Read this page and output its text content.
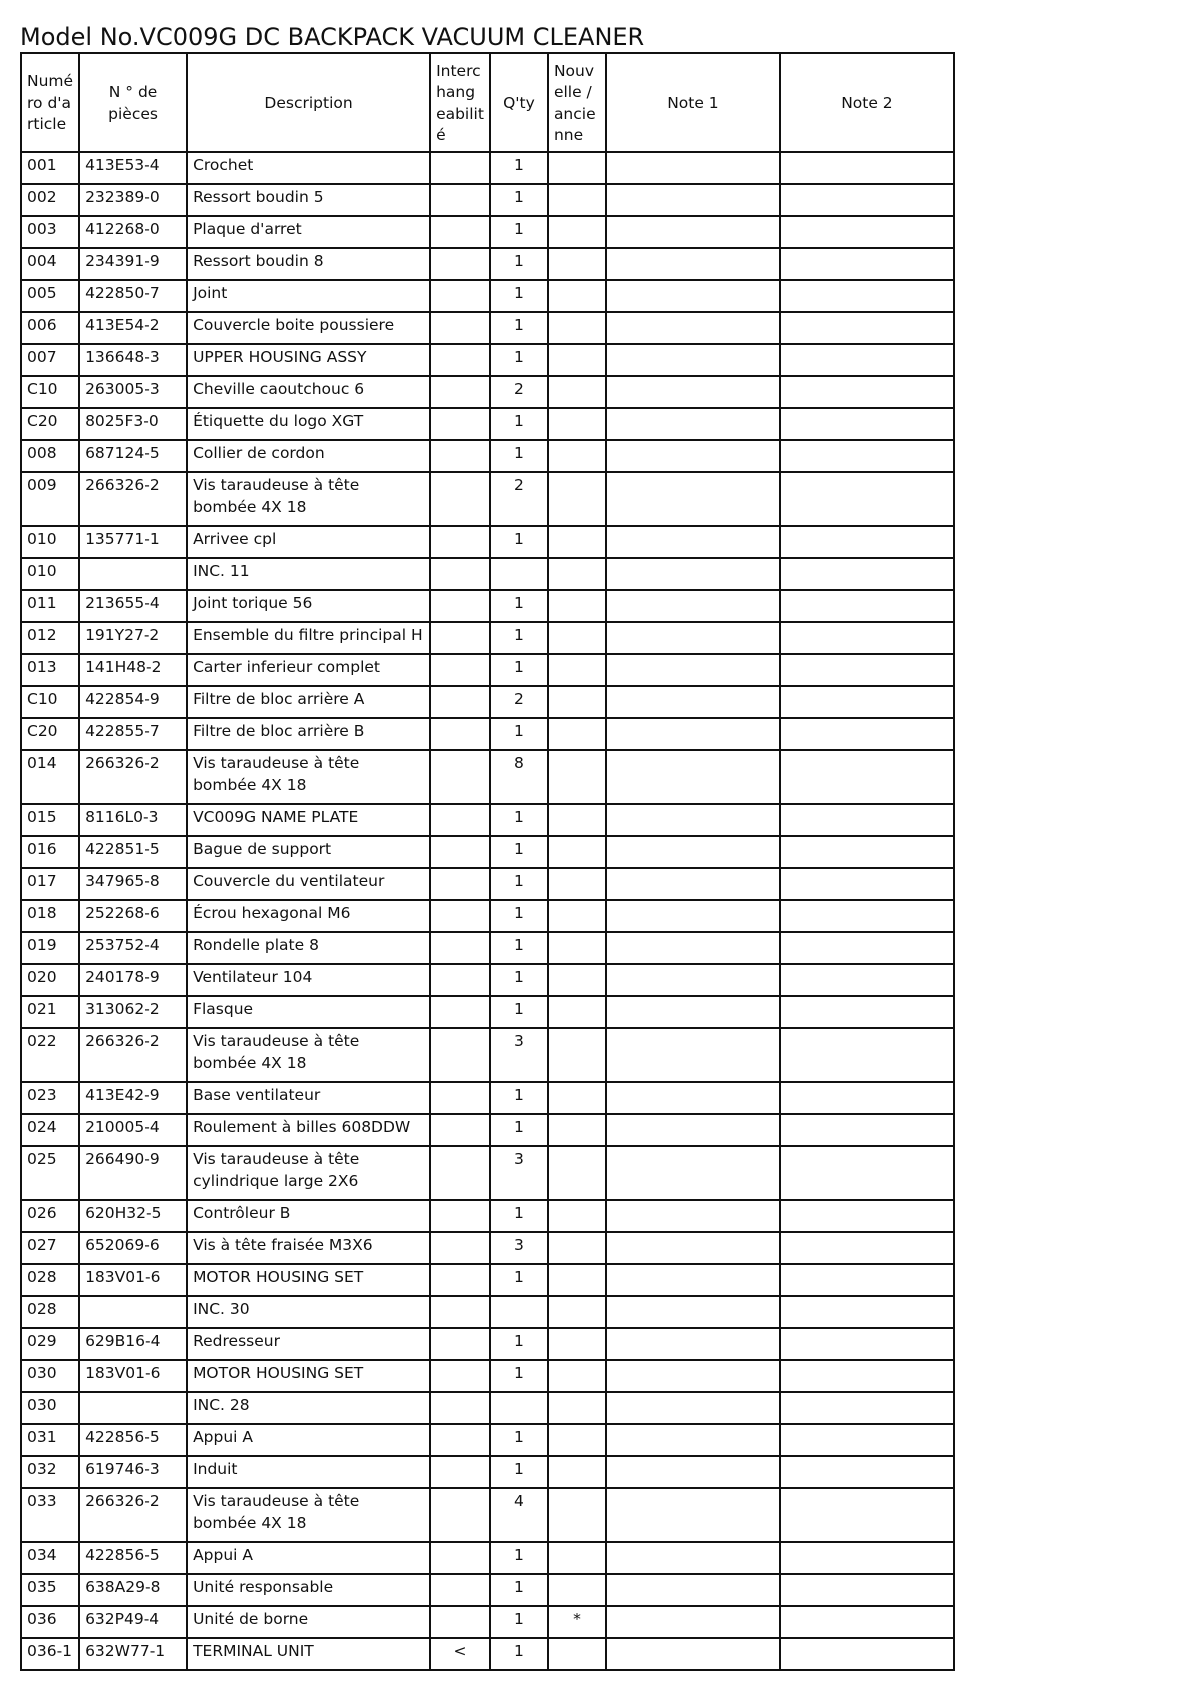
Model No.VC009G DC BACKPACK VACUUM CLEANER
Numé ro d'a rticle	N ° de pièces	Description	Interc hang eabilit é	Q'ty	Nouv elle / ancie nne	Note 1	Note 2
001	413E53-4	Crochet		1			
002	232389-0	Ressort boudin 5		1			
003	412268-0	Plaque d'arret		1			
004	234391-9	Ressort boudin 8		1			
005	422850-7	Joint		1			
006	413E54-2	Couvercle boite poussiere		1			
007	136648-3	UPPER HOUSING ASSY		1			
C10	263005-3	Cheville caoutchouc 6		2			
C20	8025F3-0	Étiquette du logo XGT		1			
008	687124-5	Collier de cordon		1			
009	266326-2	Vis taraudeuse à tête bombée 4X 18		2			
010	135771-1	Arrivee cpl		1			
010		INC. 11					
011	213655-4	Joint torique 56		1			
012	191Y27-2	Ensemble du filtre principal H		1			
013	141H48-2	Carter inferieur complet		1			
C10	422854-9	Filtre de bloc arrière A		2			
C20	422855-7	Filtre de bloc arrière B		1			
014	266326-2	Vis taraudeuse à tête bombée 4X 18		8			
015	8116L0-3	VC009G NAME PLATE		1			
016	422851-5	Bague de support		1			
017	347965-8	Couvercle du ventilateur		1			
018	252268-6	Écrou hexagonal M6		1			
019	253752-4	Rondelle plate 8		1			
020	240178-9	Ventilateur 104		1			
021	313062-2	Flasque		1			
022	266326-2	Vis taraudeuse à tête bombée 4X 18		3			
023	413E42-9	Base ventilateur		1			
024	210005-4	Roulement à billes 608DDW		1			
025	266490-9	Vis taraudeuse à tête cylindrique large 2X6		3			
026	620H32-5	Contrôleur B		1			
027	652069-6	Vis à tête fraisée M3X6		3			
028	183V01-6	MOTOR HOUSING SET		1			
028		INC. 30					
029	629B16-4	Redresseur		1			
030	183V01-6	MOTOR HOUSING SET		1			
030		INC. 28					
031	422856-5	Appui A		1			
032	619746-3	Induit		1			
033	266326-2	Vis taraudeuse à tête bombée 4X 18		4			
034	422856-5	Appui A		1			
035	638A29-8	Unité responsable		1			
036	632P49-4	Unité de borne		1	*		
036-1	632W77-1	TERMINAL UNIT	<	1			
